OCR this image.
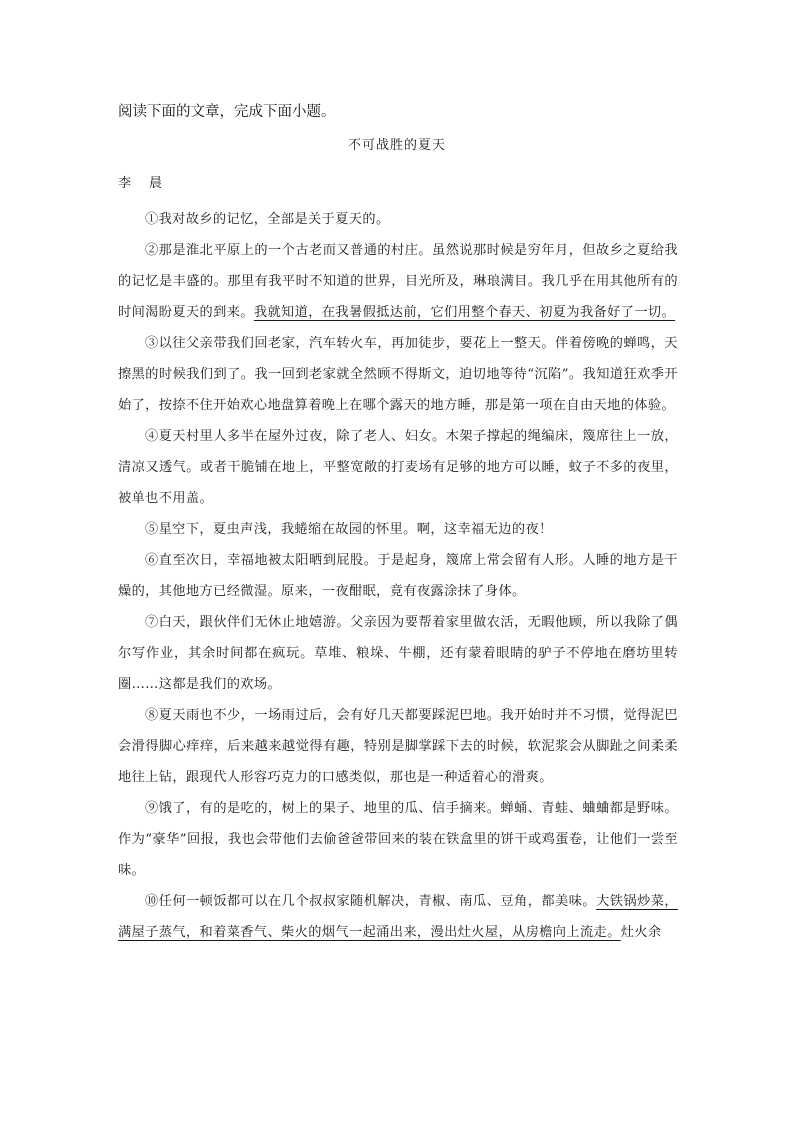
阅读下面的文章，完成下面小题。
不可战胜的夏天
李 晨

①我对故乡的记忆，全部是关于夏天的。

②那是淮北平原上的一个古老而又普通的村庄。虽然说那时候是穷年月，但故乡之夏给我的记忆是丰盛的。那里有我平时不知道的世界，目光所及，琳琅满目。我几乎在用其他所有的时间渴盼夏天的到来。我就知道，在我暑假抵达前，它们用整个春天、初夏为我备好了一切。

③以往父亲带我们回老家，汽车转火车，再加徒步，要花上一整天。伴着傍晚的蝉鸣，天擦黑的时候我们到了。我一回到老家就全然顾不得斯文，迫切地等待“沉陷”。我知道狂欢季开始了，按捺不住开始欢心地盘算着晚上在哪个露天的地方睡，那是第一项在自由天地的体验。

④夏天村里人多半在屋外过夜，除了老人、妇女。木架子撑起的绳编床，篾席往上一放，清凉又透气。或者干脆铺在地上，平整宽敞的打麦场有足够的地方可以睡，蚊子不多的夜里，被单也不用盖。

⑤星空下，夏虫声浅，我蜷缩在故园的怀里。啊，这幸福无边的夜！

⑥直至次日，幸福地被太阳晒到屁股。于是起身，篾席上常会留有人形。人睡的地方是干燥的，其他地方已经微湿。原来，一夜酣眠，竟有夜露涂抹了身体。

⑦白天，跟伙伴们无休止地嬉游。父亲因为要帮着家里做农活，无暇他顾，所以我除了偶尔写作业，其余时间都在疯玩。草堆、粮垛、牛棚，还有蒙着眼睛的驴子不停地在磨坊里转圈……这都是我们的欢场。

⑧夏天雨也不少，一场雨过后，会有好几天都要踩泥巴地。我开始时并不习惯，觉得泥巴会滑得脚心痒痒，后来越来越觉得有趣，特别是脚掌踩下去的时候，软泥浆会从脚趾之间柔柔地往上钻，跟现代人形容巧克力的口感类似，那也是一种适着心的滑爽。

⑨饿了，有的是吃的，树上的果子、地里的瓜、信手摘来。蝉蛹、青蛙、蛐蛐都是野味。作为“豪华”回报，我也会带他们去偷爸爸带回来的装在铁盒里的饼干或鸡蛋卷，让他们一尝至味。

⑩任何一顿饭都可以在几个叔叔家随机解决，青椒、南瓜、豆角，都美味。大铁锅炒菜，满屋子蒸气，和着菜香气、柴火的烟气一起涌出来，漫出灶火屋，从房檐向上流走。灶火余
